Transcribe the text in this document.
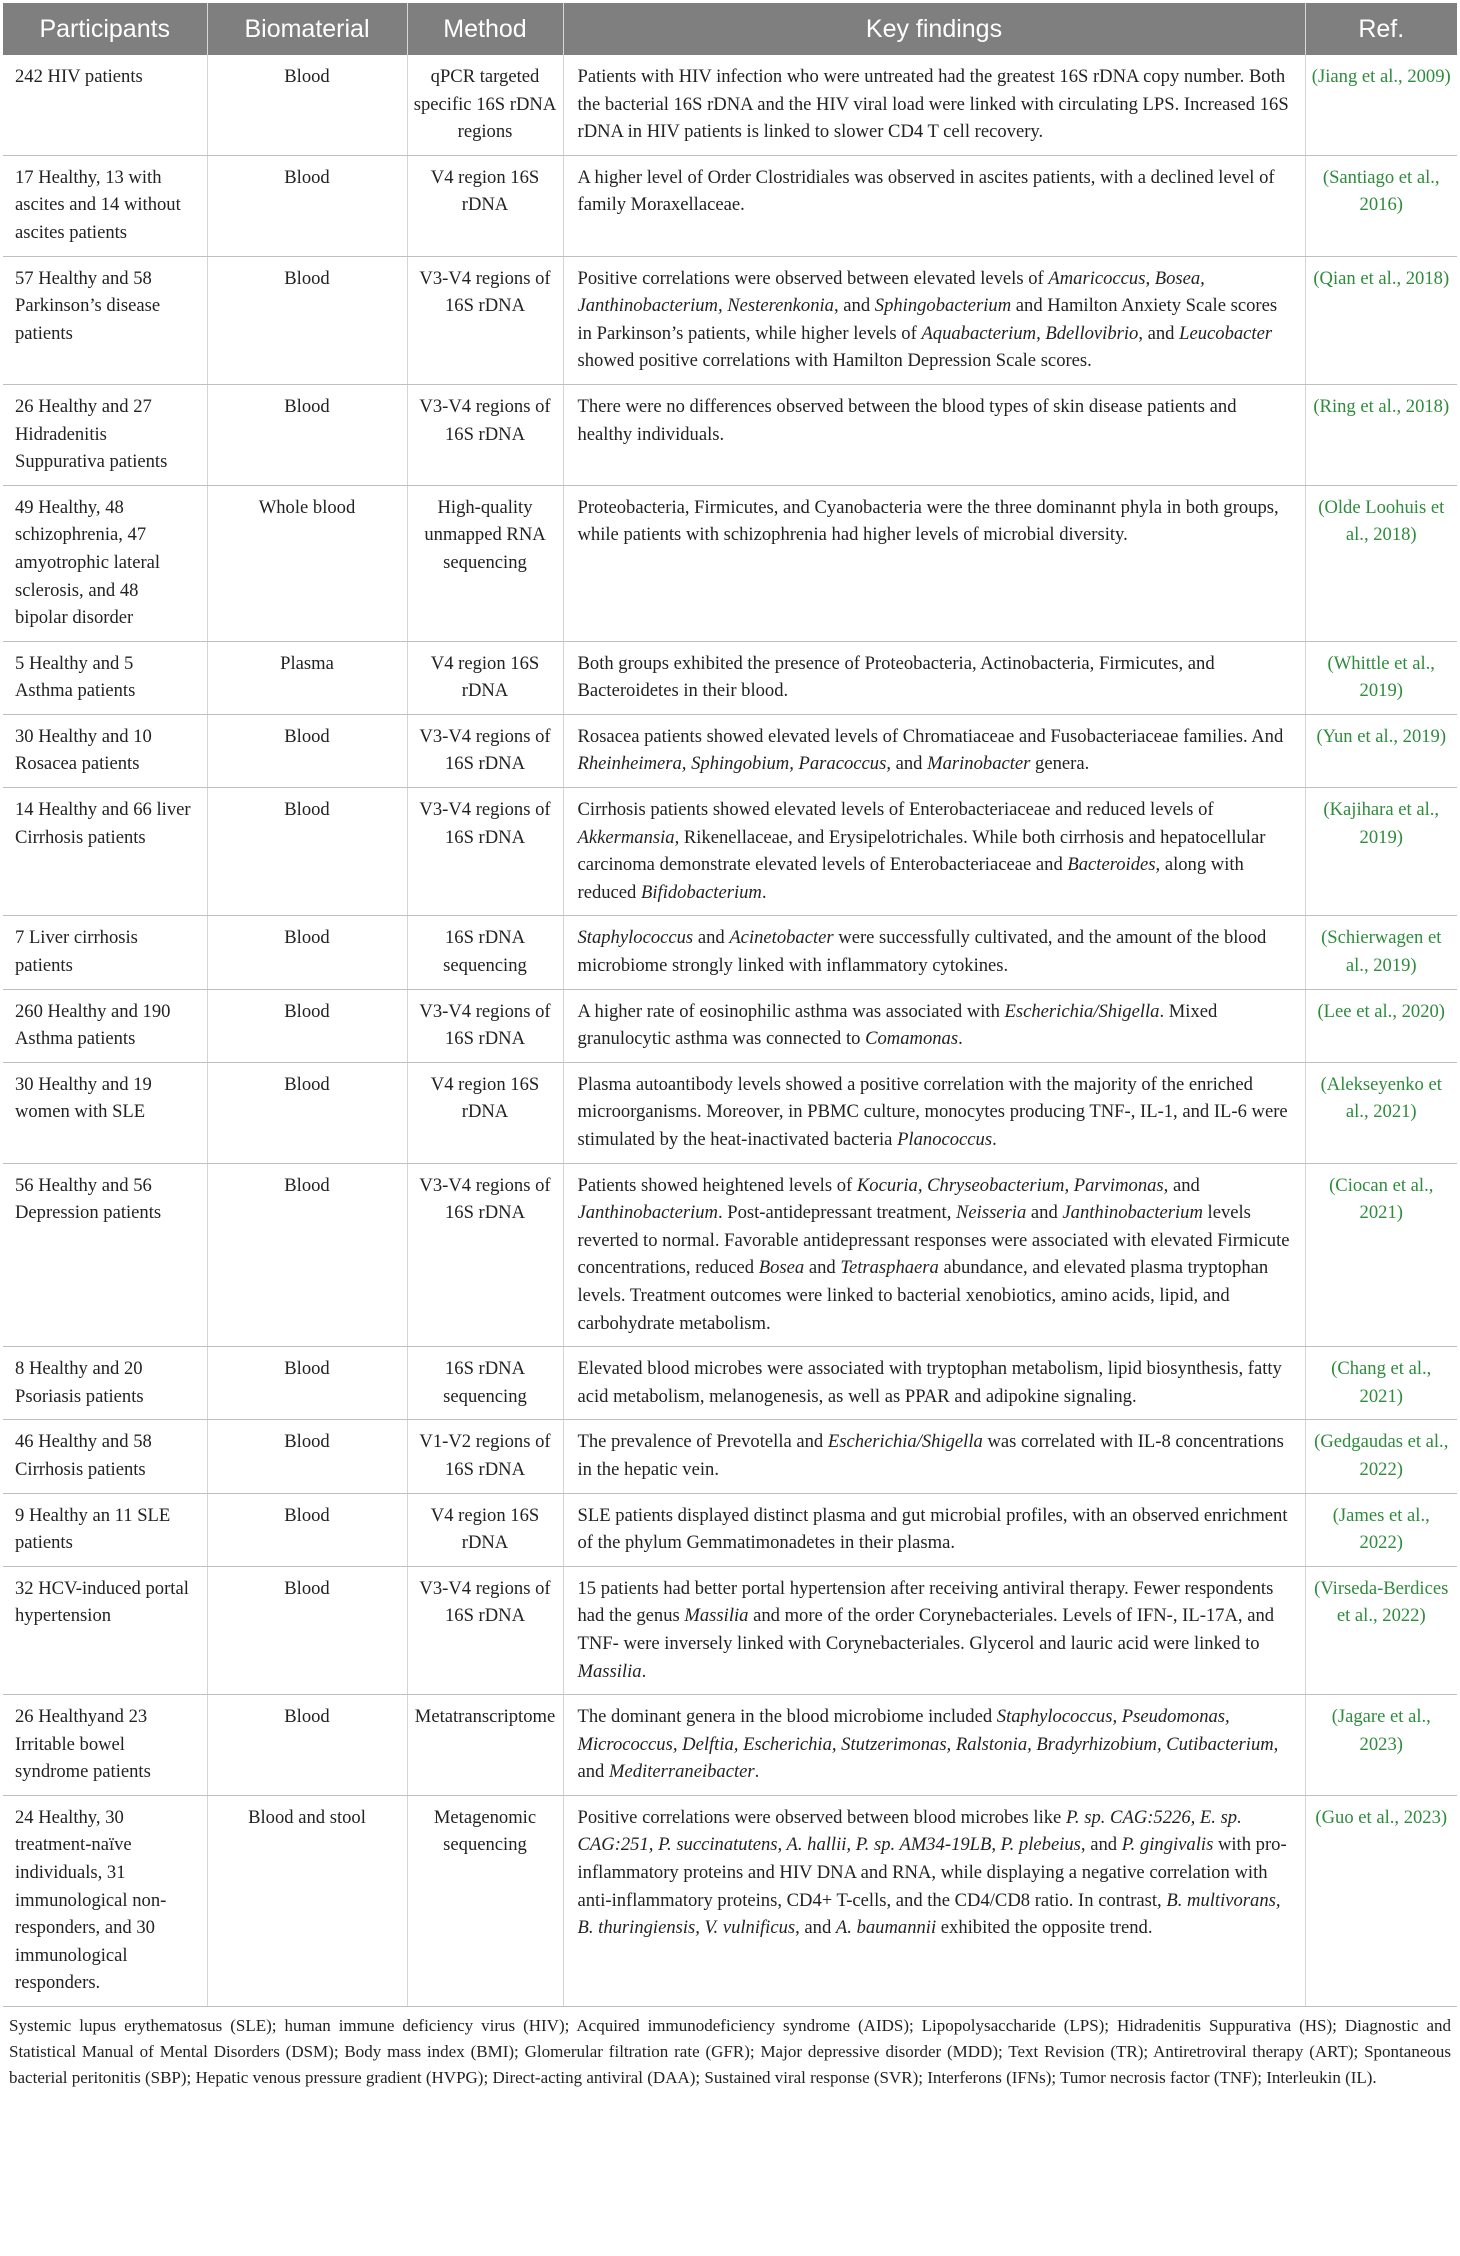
Participants	Biomaterial	Method	Key findings	Ref.
242 HIV patients	Blood	qPCR targeted specific 16S rDNA regions	Patients with HIV infection who were untreated had the greatest 16S rDNA copy number. Both the bacterial 16S rDNA and the HIV viral load were linked with circulating LPS. Increased 16S rDNA in HIV patients is linked to slower CD4 T cell recovery.	(Jiang et al., 2009)
17 Healthy, 13 with ascites and 14 without ascites patients	Blood	V4 region 16S rDNA	A higher level of Order Clostridiales was observed in ascites patients, with a declined level of family Moraxellaceae.	(Santiago et al., 2016)
57 Healthy and 58 Parkinson’s disease patients	Blood	V3-V4 regions of 16S rDNA	Positive correlations were observed between elevated levels of Amaricoccus, Bosea, Janthinobacterium, Nesterenkonia, and Sphingobacterium and Hamilton Anxiety Scale scores in Parkinson’s patients, while higher levels of Aquabacterium, Bdellovibrio, and Leucobacter showed positive correlations with Hamilton Depression Scale scores.	(Qian et al., 2018)
26 Healthy and 27 Hidradenitis Suppurativa patients	Blood	V3-V4 regions of 16S rDNA	There were no differences observed between the blood types of skin disease patients and healthy individuals.	(Ring et al., 2018)
49 Healthy, 48 schizophrenia, 47 amyotrophic lateral sclerosis, and 48 bipolar disorder	Whole blood	High-quality unmapped RNA sequencing	Proteobacteria, Firmicutes, and Cyanobacteria were the three dominannt phyla in both groups, while patients with schizophrenia had higher levels of microbial diversity.	(Olde Loohuis et al., 2018)
5 Healthy and 5 Asthma patients	Plasma	V4 region 16S rDNA	Both groups exhibited the presence of Proteobacteria, Actinobacteria, Firmicutes, and Bacteroidetes in their blood.	(Whittle et al., 2019)
30 Healthy and 10 Rosacea patients	Blood	V3-V4 regions of 16S rDNA	Rosacea patients showed elevated levels of Chromatiaceae and Fusobacteriaceae families. And Rheinheimera, Sphingobium, Paracoccus, and Marinobacter genera.	(Yun et al., 2019)
14 Healthy and 66 liver Cirrhosis patients	Blood	V3-V4 regions of 16S rDNA	Cirrhosis patients showed elevated levels of Enterobacteriaceae and reduced levels of Akkermansia, Rikenellaceae, and Erysipelotrichales. While both cirrhosis and hepatocellular carcinoma demonstrate elevated levels of Enterobacteriaceae and Bacteroides, along with reduced Bifidobacterium.	(Kajihara et al., 2019)
7 Liver cirrhosis patients	Blood	16S rDNA sequencing	Staphylococcus and Acinetobacter were successfully cultivated, and the amount of the blood microbiome strongly linked with inflammatory cytokines.	(Schierwagen et al., 2019)
260 Healthy and 190 Asthma patients	Blood	V3-V4 regions of 16S rDNA	A higher rate of eosinophilic asthma was associated with Escherichia/Shigella. Mixed granulocytic asthma was connected to Comamonas.	(Lee et al., 2020)
30 Healthy and 19 women with SLE	Blood	V4 region 16S rDNA	Plasma autoantibody levels showed a positive correlation with the majority of the enriched microorganisms. Moreover, in PBMC culture, monocytes producing TNF-, IL-1, and IL-6 were stimulated by the heat-inactivated bacteria Planococcus.	(Alekseyenko et al., 2021)
56 Healthy and 56 Depression patients	Blood	V3-V4 regions of 16S rDNA	Patients showed heightened levels of Kocuria, Chryseobacterium, Parvimonas, and Janthinobacterium. Post-antidepressant treatment, Neisseria and Janthinobacterium levels reverted to normal. Favorable antidepressant responses were associated with elevated Firmicute concentrations, reduced Bosea and Tetrasphaera abundance, and elevated plasma tryptophan levels. Treatment outcomes were linked to bacterial xenobiotics, amino acids, lipid, and carbohydrate metabolism.	(Ciocan et al., 2021)
8 Healthy and 20 Psoriasis patients	Blood	16S rDNA sequencing	Elevated blood microbes were associated with tryptophan metabolism, lipid biosynthesis, fatty acid metabolism, melanogenesis, as well as PPAR and adipokine signaling.	(Chang et al., 2021)
46 Healthy and 58 Cirrhosis patients	Blood	V1-V2 regions of 16S rDNA	The prevalence of Prevotella and Escherichia/Shigella was correlated with IL-8 concentrations in the hepatic vein.	(Gedgaudas et al., 2022)
9 Healthy an 11 SLE patients	Blood	V4 region 16S rDNA	SLE patients displayed distinct plasma and gut microbial profiles, with an observed enrichment of the phylum Gemmatimonadetes in their plasma.	(James et al., 2022)
32 HCV-induced portal hypertension	Blood	V3-V4 regions of 16S rDNA	15 patients had better portal hypertension after receiving antiviral therapy. Fewer respondents had the genus Massilia and more of the order Corynebacteriales. Levels of IFN-, IL-17A, and TNF- were inversely linked with Corynebacteriales. Glycerol and lauric acid were linked to Massilia.	(Virseda-Berdices et al., 2022)
26 Healthyand 23 Irritable bowel syndrome patients	Blood	Metatranscriptome	The dominant genera in the blood microbiome included Staphylococcus, Pseudomonas, Micrococcus, Delftia, Escherichia, Stutzerimonas, Ralstonia, Bradyrhizobium, Cutibacterium, and Mediterraneibacter.	(Jagare et al., 2023)
24 Healthy, 30 treatment-naïve individuals, 31 immunological non-responders, and 30 immunological responders.	Blood and stool	Metagenomic sequencing	Positive correlations were observed between blood microbes like P. sp. CAG:5226, E. sp. CAG:251, P. succinatutens, A. hallii, P. sp. AM34-19LB, P. plebeius, and P. gingivalis with pro-inflammatory proteins and HIV DNA and RNA, while displaying a negative correlation with anti-inflammatory proteins, CD4+ T-cells, and the CD4/CD8 ratio. In contrast, B. multivorans, B. thuringiensis, V. vulnificus, and A. baumannii exhibited the opposite trend.	(Guo et al., 2023)
Systemic lupus erythematosus (SLE); human immune deficiency virus (HIV); Acquired immunodeficiency syndrome (AIDS); Lipopolysaccharide (LPS); Hidradenitis Suppurativa (HS); Diagnostic and Statistical Manual of Mental Disorders (DSM); Body mass index (BMI); Glomerular filtration rate (GFR); Major depressive disorder (MDD); Text Revision (TR); Antiretroviral therapy (ART); Spontaneous bacterial peritonitis (SBP); Hepatic venous pressure gradient (HVPG); Direct-acting antiviral (DAA); Sustained viral response (SVR); Interferons (IFNs); Tumor necrosis factor (TNF); Interleukin (IL).
